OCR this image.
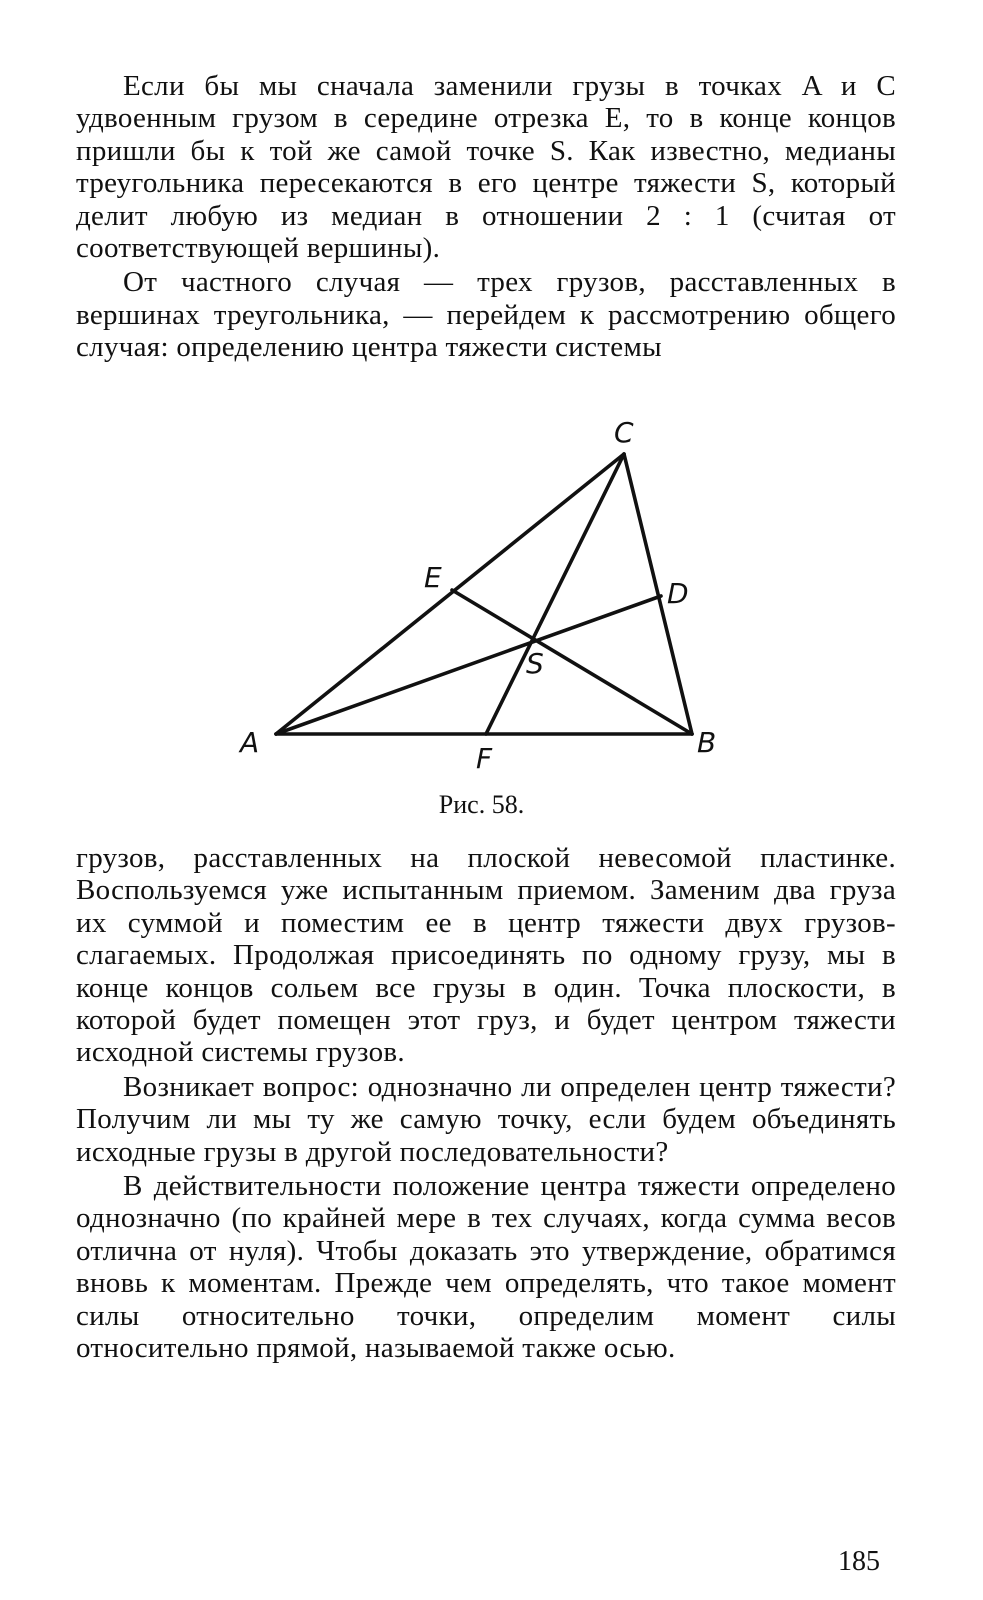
Если бы мы сначала заменили грузы в точках A и C удвоенным грузом в середине отрезка E, то в конце концов пришли бы к той же самой точке S. Как известно, медианы треугольника пересекаются в его центре тяжести S, который делит любую из медиан в отношении 2 : 1 (считая от соответствующей вершины).

От частного случая — трех грузов, расставленных в вершинах треугольника, — перейдем к рассмотрению общего случая: определению центра тяжести системы

C
E	D
S
A	B
F
Рис. 58.

грузов, расставленных на плоской невесомой пластинке. Воспользуемся уже испытанным приемом. Заменим два груза их суммой и поместим ее в центр тяжести двух грузов-слагаемых. Продолжая присоединять по одному грузу, мы в конце концов сольем все грузы в один. Точка плоскости, в которой будет помещен этот груз, и будет центром тяжести исходной системы грузов.

Возникает вопрос: однозначно ли определен центр тяжести? Получим ли мы ту же самую точку, если будем объединять исходные грузы в другой последовательности?

В действительности положение центра тяжести определено однозначно (по крайней мере в тех случаях, когда сумма весов отлична от нуля). Чтобы доказать это утверждение, обратимся вновь к моментам. Прежде чем определять, что такое момент силы относительно точки, определим момент силы относительно прямой, называемой также осью.

185
